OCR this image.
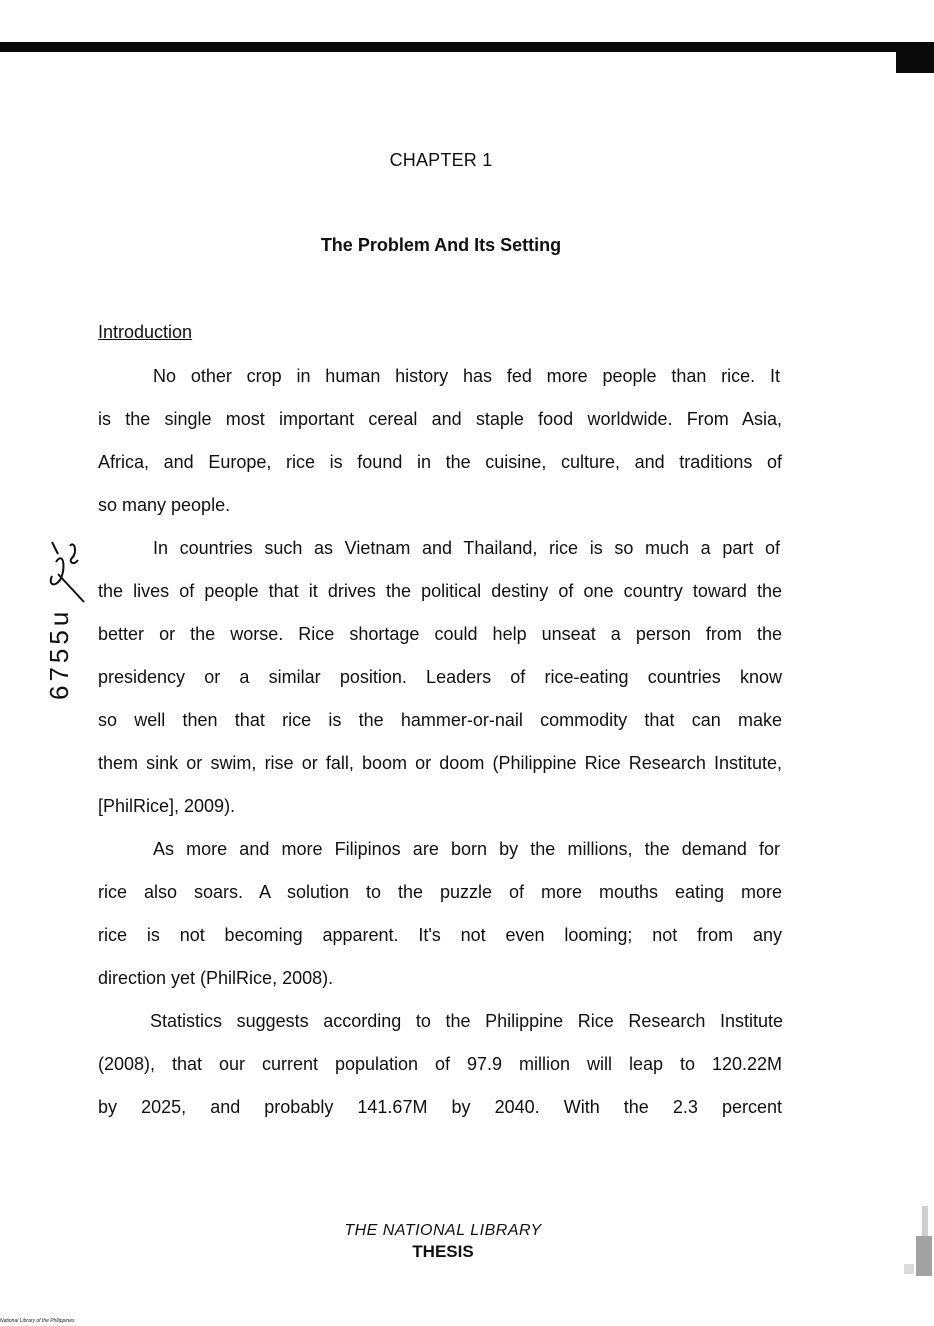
CHAPTER 1
The Problem And Its Setting
Introduction
No other crop in human history has fed more people than rice. It
is the single most important cereal and staple food worldwide. From Asia,
Africa, and Europe, rice is found in the cuisine, culture, and traditions of
so many people.
In countries such as Vietnam and Thailand, rice is so much a part of
the lives of people that it drives the political destiny of one country toward the
better or the worse. Rice shortage could help unseat a person from the
presidency or a similar position. Leaders of rice-eating countries know
so well then that rice is the hammer-or-nail commodity that can make
them sink or swim, rise or fall, boom or doom (Philippine Rice Research Institute,
[PhilRice], 2009).
As more and more Filipinos are born by the millions, the demand for
rice also soars. A solution to the puzzle of more mouths eating more
rice is not becoming apparent. It's not even looming; not from any
direction yet (PhilRice, 2008).
Statistics suggests according to the Philippine Rice Research Institute
(2008), that our current population of 97.9 million will leap to 120.22M
by 2025, and probably 141.67M by 2040. With the 2.3 percent
6755u
THE NATIONAL LIBRARY
THESIS
National Library of the Philippines
